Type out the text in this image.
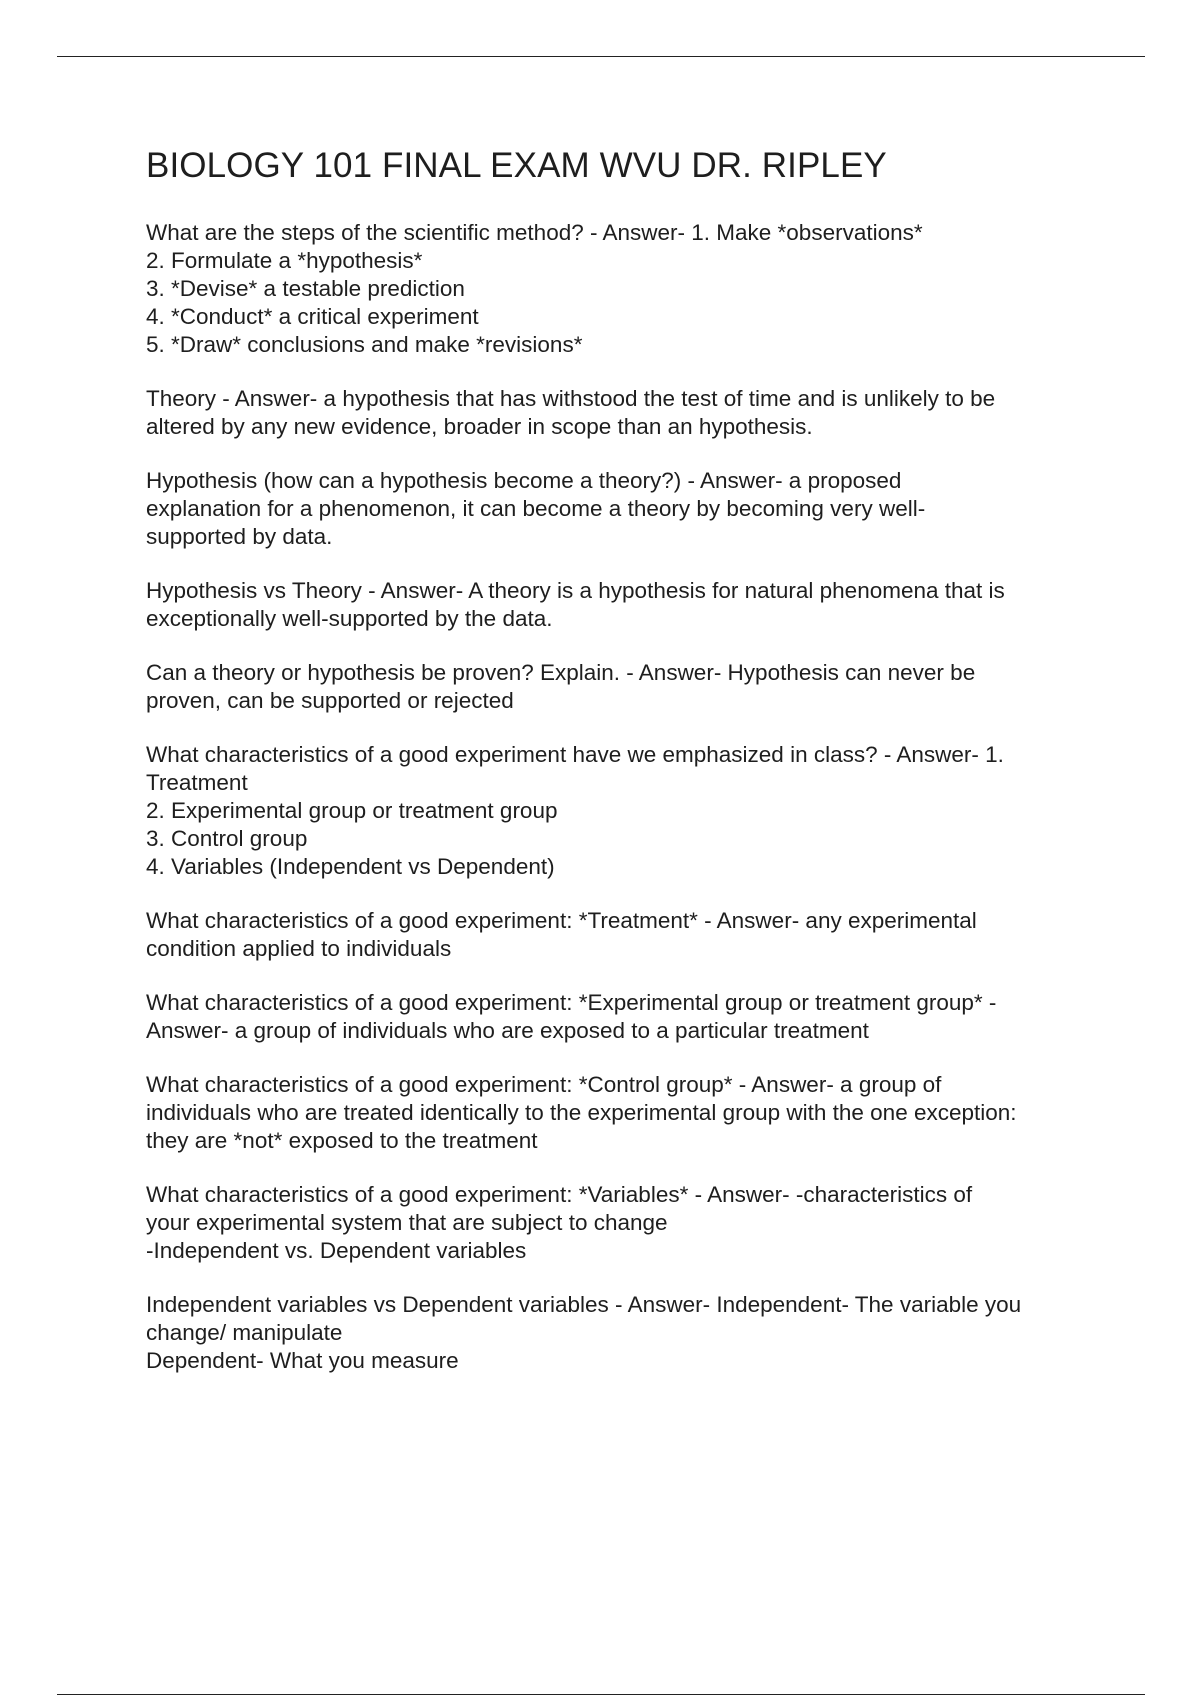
BIOLOGY 101 FINAL EXAM WVU DR. RIPLEY
What are the steps of the scientific method? - Answer- 1. Make *observations*
2. Formulate a *hypothesis*
3. *Devise* a testable prediction
4. *Conduct* a critical experiment
5. *Draw* conclusions and make *revisions*
Theory - Answer- a hypothesis that has withstood the test of time and is unlikely to be
altered by any new evidence, broader in scope than an hypothesis.
Hypothesis (how can a hypothesis become a theory?) - Answer- a proposed
explanation for a phenomenon, it can become a theory by becoming very well-
supported by data.
Hypothesis vs Theory - Answer- A theory is a hypothesis for natural phenomena that is
exceptionally well-supported by the data.
Can a theory or hypothesis be proven? Explain. - Answer- Hypothesis can never be
proven, can be supported or rejected
What characteristics of a good experiment have we emphasized in class? - Answer- 1.
Treatment
2. Experimental group or treatment group
3. Control group
4. Variables (Independent vs Dependent)
What characteristics of a good experiment: *Treatment* - Answer- any experimental
condition applied to individuals
What characteristics of a good experiment: *Experimental group or treatment group* -
Answer- a group of individuals who are exposed to a particular treatment
What characteristics of a good experiment: *Control group* - Answer- a group of
individuals who are treated identically to the experimental group with the one exception:
they are *not* exposed to the treatment
What characteristics of a good experiment: *Variables* - Answer- -characteristics of
your experimental system that are subject to change
-Independent vs. Dependent variables
Independent variables vs Dependent variables - Answer- Independent- The variable you
change/ manipulate
Dependent- What you measure
